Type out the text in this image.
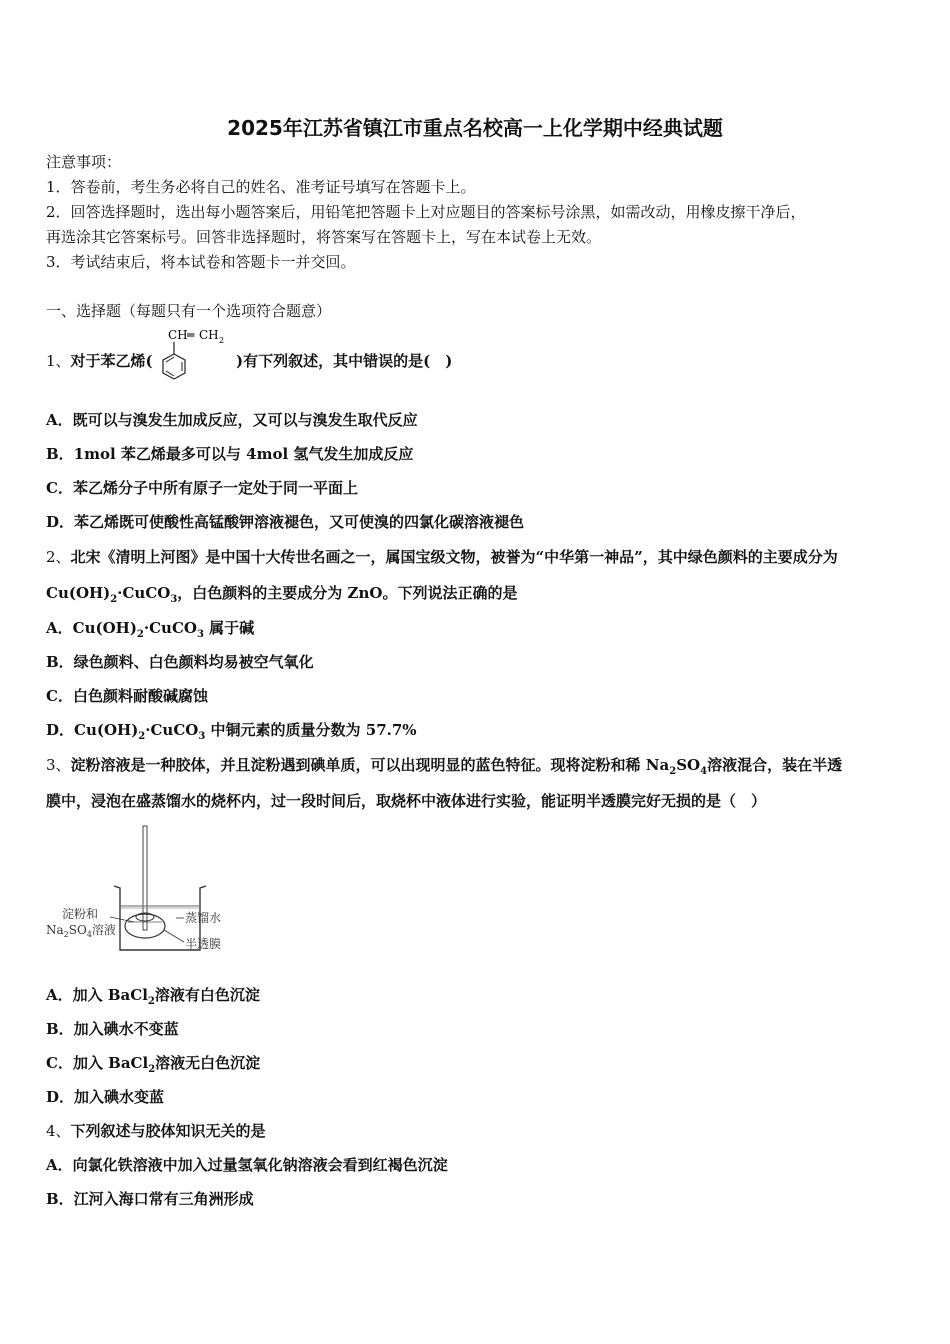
2025年江苏省镇江市重点名校高一上化学期中经典试题
注意事项：
1．答卷前，考生务必将自己的姓名、准考证号填写在答题卡上。
2．回答选择题时，选出每小题答案后，用铅笔把答题卡上对应题目的答案标号涂黑，如需改动，用橡皮擦干净后，
再选涂其它答案标号。回答非选择题时，将答案写在答题卡上，写在本试卷上无效。
3．考试结束后，将本试卷和答题卡一并交回。
一、选择题（每题只有一个选项符合题意）
1、对于苯乙烯(
CH ═ CH 2
)有下列叙述，其中错误的是(　)
A．既可以与溴发生加成反应，又可以与溴发生取代反应
B．1mol 苯乙烯最多可以与 4mol 氢气发生加成反应
C．苯乙烯分子中所有原子一定处于同一平面上
D．苯乙烯既可使酸性高锰酸钾溶液褪色，又可使溴的四氯化碳溶液褪色
2、北宋《清明上河图》是中国十大传世名画之一，属国宝级文物，被誉为“中华第一神品”，其中绿色颜料的主要成分为
$Cu(OH)_2\cdot CuCO_3$，白色颜料的主要成分为 ZnO。下列说法正确的是
A．$Cu(OH)_2\cdot CuCO_3$ 属于碱
B．绿色颜料、白色颜料均易被空气氧化
C．白色颜料耐酸碱腐蚀
D．$Cu(OH)_2\cdot CuCO_3$ 中铜元素的质量分数为 57.7%
3、淀粉溶液是一种胶体，并且淀粉遇到碘单质，可以出现明显的蓝色特征。现将淀粉和稀 $Na_2SO_4$溶液混合，装在半透
膜中，浸泡在盛蒸馏水的烧杯内，过一段时间后，取烧杯中液体进行实验，能证明半透膜完好无损的是（　）
淀粉和
$Na_2SO_4$溶液
蒸馏水
半透膜
A．加入 BaCl$_2$溶液有白色沉淀
B．加入碘水不变蓝
C．加入 BaCl$_2$溶液无白色沉淀
D．加入碘水变蓝
4、下列叙述与胶体知识无关的是
A．向氯化铁溶液中加入过量氢氧化钠溶液会看到红褐色沉淀
B．江河入海口常有三角洲形成
